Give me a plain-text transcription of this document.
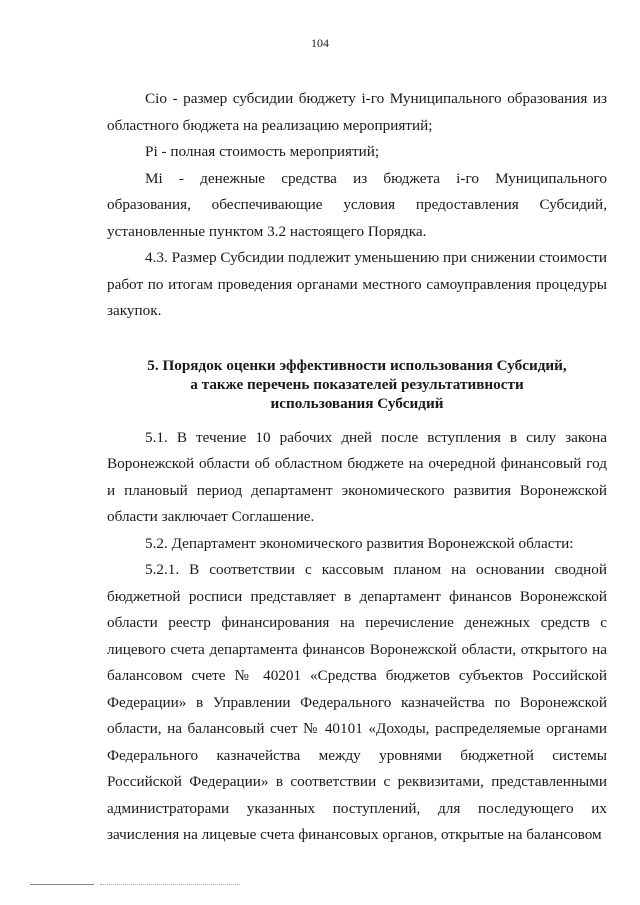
104

Ciо - размер субсидии бюджету i-го Муниципального образования из областного бюджета на реализацию мероприятий;

Pi - полная стоимость мероприятий;

Mi - денежные средства из бюджета i-го Муниципального образования, обеспечивающие условия предоставления Субсидий, установленные пунктом 3.2 настоящего Порядка.

4.3. Размер Субсидии подлежит уменьшению при снижении стоимости работ по итогам проведения органами местного самоуправления процедуры закупок.

5. Порядок оценки эффективности использования Субсидий,
а также перечень показателей результативности
использования Субсидий

5.1. В течение 10 рабочих дней после вступления в силу закона Воронежской области об областном бюджете на очередной финансовый год и плановый период департамент экономического развития Воронежской области заключает Соглашение.

5.2. Департамент экономического развития Воронежской области:

5.2.1. В соответствии с кассовым планом на основании сводной бюджетной росписи представляет в департамент финансов Воронежской области реестр финансирования на перечисление денежных средств с лицевого счета департамента финансов Воронежской области, открытого на балансовом счете № 40201 «Средства бюджетов субъектов Российской Федерации» в Управлении Федерального казначейства по Воронежской области, на балансовый счет № 40101 «Доходы, распределяемые органами Федерального казначейства между уровнями бюджетной системы Российской Федерации» в соответствии с реквизитами, представленными администраторами указанных поступлений, для последующего их зачисления на лицевые счета финансовых органов, открытые на балансовом
